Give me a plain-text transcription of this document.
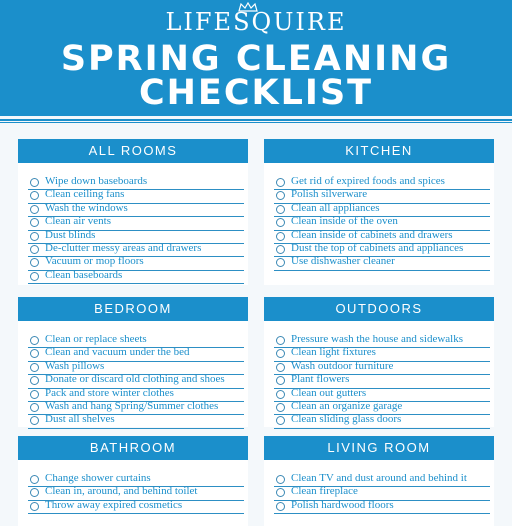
LIFESQUIRE
SPRING CLEANING
CHECKLIST
ALL ROOMS
Wipe down baseboards
Clean ceiling fans
Wash the windows
Clean air vents
Dust blinds
De-clutter messy areas and drawers
Vacuum or mop floors
Clean baseboards
KITCHEN
Get rid of expired foods and spices
Polish silverware
Clean all appliances
Clean inside of the oven
Clean inside of cabinets and drawers
Dust the top of cabinets and appliances
Use dishwasher cleaner
BEDROOM
Clean or replace sheets
Clean and vacuum under the bed
Wash pillows
Donate or discard old clothing and shoes
Pack and store winter clothes
Wash and hang Spring/Summer clothes
Dust all shelves
OUTDOORS
Pressure wash the house and sidewalks
Clean light fixtures
Wash outdoor furniture
Plant flowers
Clean out gutters
Clean an organize garage
Clean sliding glass doors
BATHROOM
Change shower curtains
Clean in, around, and behind toilet
Throw away expired cosmetics
LIVING ROOM
Clean TV and dust around and behind it
Clean fireplace
Polish hardwood floors
